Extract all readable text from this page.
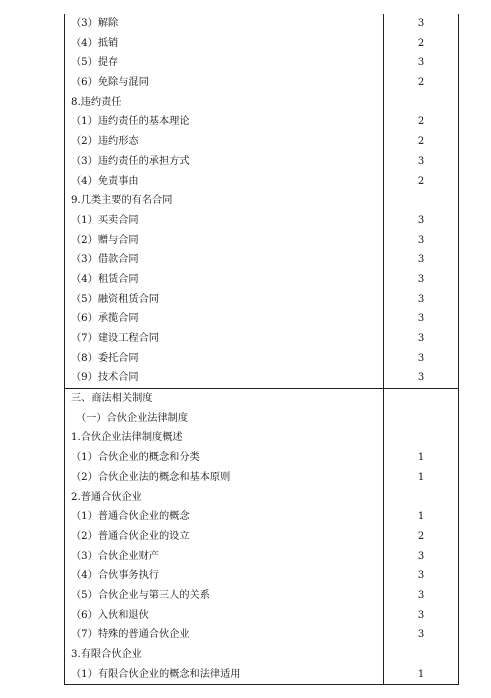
（3）解除	3
（4）抵销	2
（5）提存	3
（6）免除与混同	2
8.违约责任
（1）违约责任的基本理论	2
（2）违约形态	2
（3）违约责任的承担方式	3
（4）免责事由	2
9.几类主要的有名合同
（1）买卖合同	3
（2）赠与合同	3
（3）借款合同	3
（4）租赁合同	3
（5）融资租赁合同	3
（6）承揽合同	3
（7）建设工程合同	3
（8）委托合同	3
（9）技术合同	3
三、商法相关制度
（一）合伙企业法律制度
1.合伙企业法律制度概述
（1）合伙企业的概念和分类	1
（2）合伙企业法的概念和基本原则	1
2.普通合伙企业
（1）普通合伙企业的概念	1
（2）普通合伙企业的设立	2
（3）合伙企业财产	3
（4）合伙事务执行	3
（5）合伙企业与第三人的关系	3
（6）入伙和退伙	3
（7）特殊的普通合伙企业	3
3.有限合伙企业
（1）有限合伙企业的概念和法律适用	1
